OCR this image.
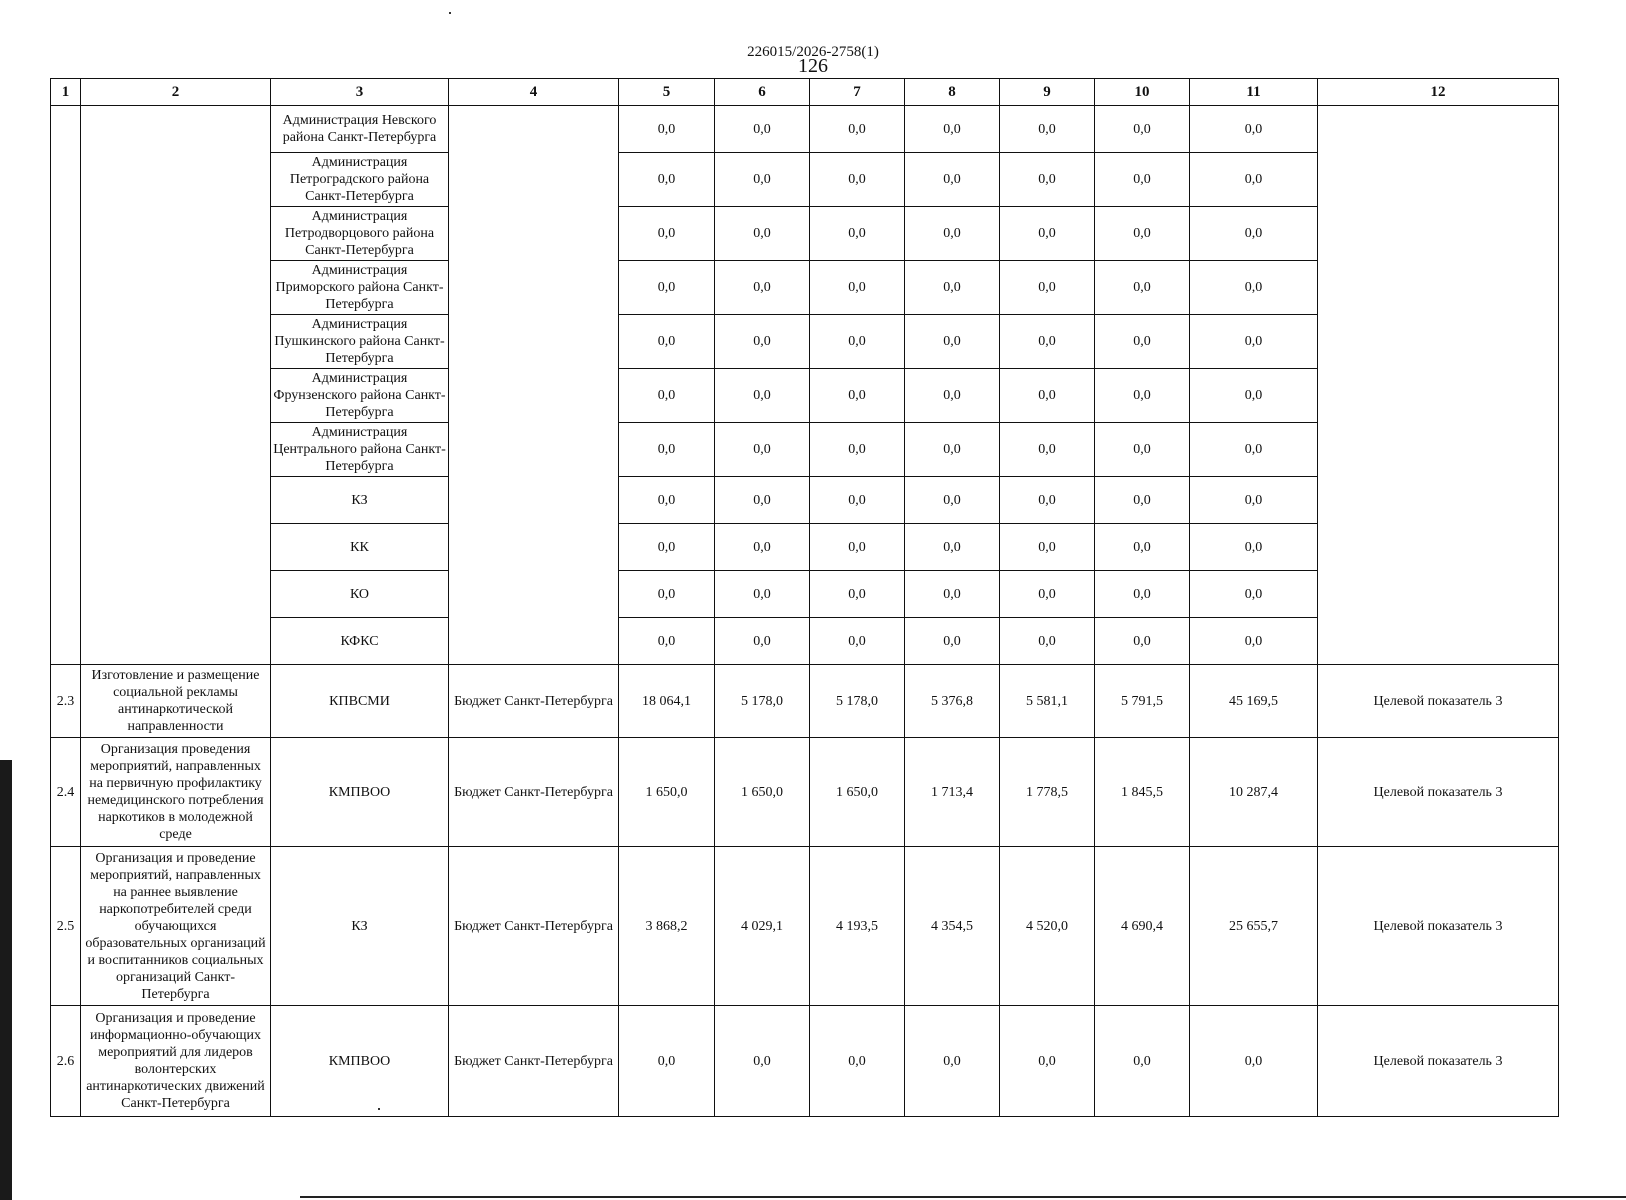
226015/2026-2758(1)
126
1	2	3	4	5	6	7	8	9	10	11	12
		Администрация Невского района Санкт-Петербурга		0,0	0,0	0,0	0,0	0,0	0,0	0,0	
		Администрация Петроградского района Санкт-Петербурга		0,0	0,0	0,0	0,0	0,0	0,0	0,0	
		Администрация Петродворцового района Санкт-Петербурга		0,0	0,0	0,0	0,0	0,0	0,0	0,0	
		Администрация Приморского района Санкт-Петербурга		0,0	0,0	0,0	0,0	0,0	0,0	0,0	
		Администрация Пушкинского района Санкт-Петербурга		0,0	0,0	0,0	0,0	0,0	0,0	0,0	
		Администрация Фрунзенского района Санкт-Петербурга		0,0	0,0	0,0	0,0	0,0	0,0	0,0	
		Администрация Центрального района Санкт-Петербурга		0,0	0,0	0,0	0,0	0,0	0,0	0,0	
		КЗ		0,0	0,0	0,0	0,0	0,0	0,0	0,0	
		КК		0,0	0,0	0,0	0,0	0,0	0,0	0,0	
		КО		0,0	0,0	0,0	0,0	0,0	0,0	0,0	
		КФКС		0,0	0,0	0,0	0,0	0,0	0,0	0,0	
2.3	Изготовление и размещение социальной рекламы антинаркотической направленности	КПВСМИ	Бюджет Санкт-Петербурга	18 064,1	5 178,0	5 178,0	5 376,8	5 581,1	5 791,5	45 169,5	Целевой показатель 3
2.4	Организация проведения мероприятий, направленных на первичную профилактику немедицинского потребления наркотиков в молодежной среде	КМПВОО	Бюджет Санкт-Петербурга	1 650,0	1 650,0	1 650,0	1 713,4	1 778,5	1 845,5	10 287,4	Целевой показатель 3
2.5	Организация и проведение мероприятий, направленных на раннее выявление наркопотребителей среди обучающихся образовательных организаций и воспитанников социальных организаций Санкт-Петербурга	КЗ	Бюджет Санкт-Петербурга	3 868,2	4 029,1	4 193,5	4 354,5	4 520,0	4 690,4	25 655,7	Целевой показатель 3
2.6	Организация и проведение информационно-обучающих мероприятий для лидеров волонтерских антинаркотических движений Санкт-Петербурга	КМПВОО	Бюджет Санкт-Петербурга	0,0	0,0	0,0	0,0	0,0	0,0	0,0	Целевой показатель 3
